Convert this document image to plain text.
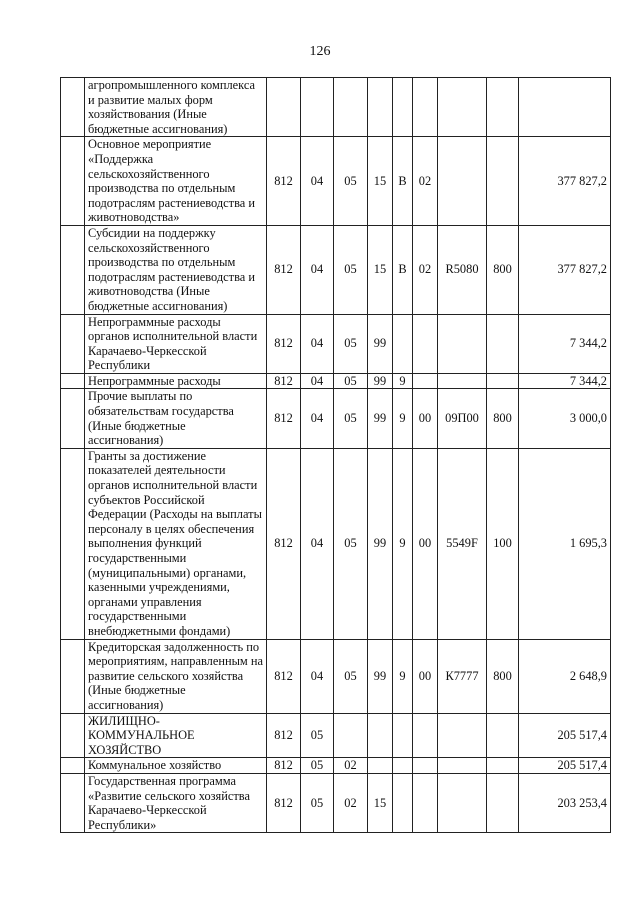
126
	агропромышленного комплекса и развитие малых форм хозяйствования (Иные бюджетные ассигнования)									
	Основное мероприятие «Поддержка сельскохозяйственного производства по отдельным подотраслям растениеводства и животноводства»	812	04	05	15	В	02			377 827,2
	Субсидии на поддержку сельскохозяйственного производства по отдельным подотраслям растениеводства и животноводства (Иные бюджетные ассигнования)	812	04	05	15	В	02	R5080	800	377 827,2
	Непрограммные расходы органов исполнительной власти Карачаево-Черкесской Республики	812	04	05	99					7 344,2
	Непрограммные расходы	812	04	05	99	9				7 344,2
	Прочие выплаты по обязательствам государства (Иные бюджетные ассигнования)	812	04	05	99	9	00	09П00	800	3 000,0
	Гранты за достижение показателей деятельности органов исполнительной власти субъектов Российской Федерации (Расходы на выплаты персоналу в целях обеспечения выполнения функций государственными (муниципальными) органами, казенными учреждениями, органами управления государственными внебюджетными фондами)	812	04	05	99	9	00	5549F	100	1 695,3
	Кредиторская задолженность по мероприятиям, направленным на развитие сельского хозяйства (Иные бюджетные ассигнования)	812	04	05	99	9	00	К7777	800	2 648,9
	ЖИЛИЩНО-КОММУНАЛЬНОЕ ХОЗЯЙСТВО	812	05							205 517,4
	Коммунальное хозяйство	812	05	02						205 517,4
	Государственная программа «Развитие сельского хозяйства Карачаево-Черкесской Республики»	812	05	02	15					203 253,4
